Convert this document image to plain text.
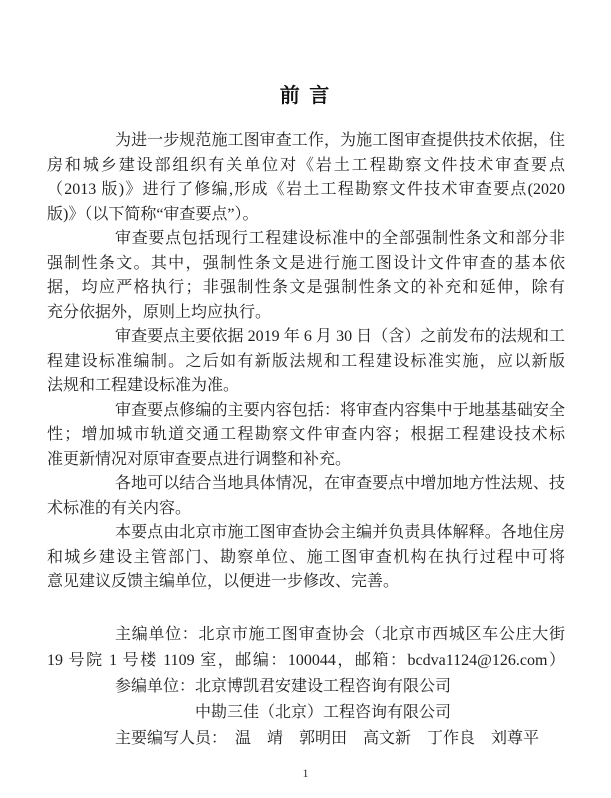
前 言
为进一步规范施工图审查工作，为施工图审查提供技术依据，住
房和城乡建设部组织有关单位对《岩土工程勘察文件技术审查要点
（2013 版)》进行了修编,形成《岩土工程勘察文件技术审查要点(2020
版)》（以下简称“审查要点”）。
审查要点包括现行工程建设标准中的全部强制性条文和部分非
强制性条文。其中，强制性条文是进行施工图设计文件审查的基本依
据，均应严格执行；非强制性条文是强制性条文的补充和延伸，除有
充分依据外，原则上均应执行。
审查要点主要依据 2019 年 6 月 30 日（含）之前发布的法规和工
程建设标准编制。之后如有新版法规和工程建设标准实施，应以新版
法规和工程建设标准为准。
审查要点修编的主要内容包括：将审查内容集中于地基基础安全
性；增加城市轨道交通工程勘察文件审查内容；根据工程建设技术标
准更新情况对原审查要点进行调整和补充。
各地可以结合当地具体情况，在审查要点中增加地方性法规、技
术标准的有关内容。
本要点由北京市施工图审查协会主编并负责具体解释。各地住房
和城乡建设主管部门、勘察单位、施工图审查机构在执行过程中可将
意见建议反馈主编单位，以便进一步修改、完善。
主编单位：北京市施工图审查协会（北京市西城区车公庄大街
19 号院 1 号楼 1109 室，邮编：100044，邮箱：bcdva1124@126.com）
参编单位：北京博凯君安建设工程咨询有限公司
中勘三佳（北京）工程咨询有限公司
主要编写人员：　温　靖　郭明田　高文新　丁作良　刘尊平
1
